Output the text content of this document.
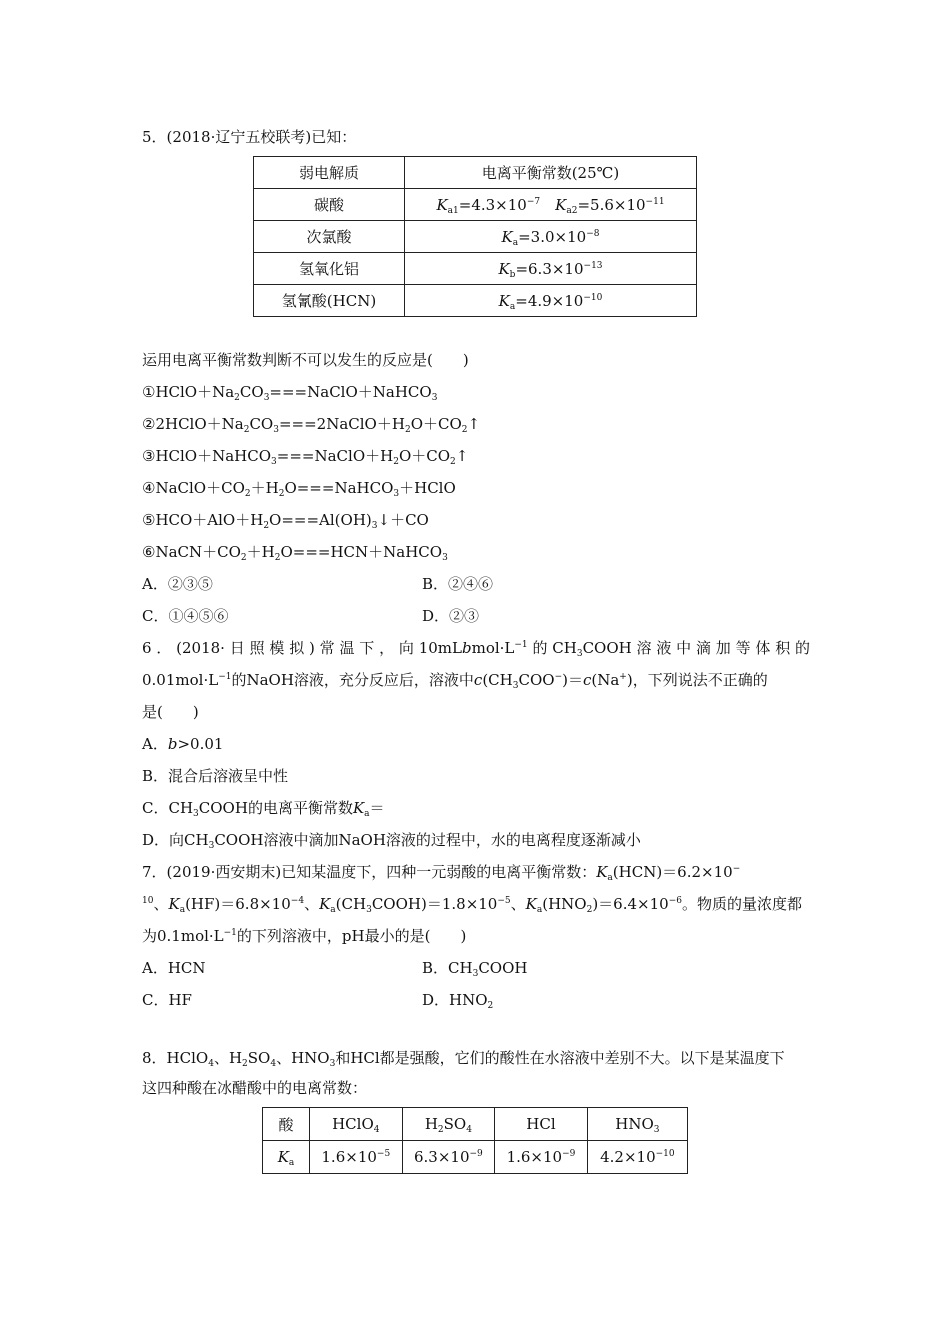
5．(2018·辽宁五校联考)已知：
弱电解质	电离平衡常数(25℃)
碳酸	$K_{a1}=4.3\times 10^{-7}$　 $K_{a2}=5.6\times 10^{-11}$
次氯酸	$K_a=3.0\times 10^{-8}$
氢氧化铝	$K_b=6.3\times 10^{-13}$
氢氰酸(HCN)	$K_a=4.9\times 10^{-10}$
运用电离平衡常数判断不可以发生的反应是(　　)
$①HClO+Na_2CO_3===NaClO+NaHCO_3$
$②2HClO+Na_2CO_3===2NaClO+H_2O+CO_2↑$
$③HClO+NaHCO_3===NaClO+H_2O+CO_2↑$
$④NaClO+CO_2+H_2O===NaHCO_3+HClO$
$⑤HCO+AlO+H_2O===Al(OH)_3↓+CO$
$⑥NaCN+CO_2+H_2O===HCN+NaHCO_3$
A．②③⑤	B．②④⑥
C．①④⑤⑥	D．②③
6．(2018·日照模拟)常温下，向$10mLbmol\cdot L^{-1}$的$CH_3COOH$溶液中滴加等体积的
$0.01mol\cdot L^{-1}$的NaOH溶液，充分反应后，溶液中$c(CH_3COO^-)=c(Na^+)$，下列说法不正确的
是(　　)
A．b>0.01
B．混合后溶液呈中性
C．$CH_3COOH$的电离平衡常数$K_a=$
D．向$CH_3COOH$溶液中滴加NaOH溶液的过程中，水的电离程度逐渐减小
7．(2019·西安期末)已知某温度下，四种一元弱酸的电离平衡常数：$K_a(HCN)=6.2\times 10^-$
$^{10}$、$K_a(HF)=6.8\times 10^{-4}$、$K_a(CH_3COOH)=1.8\times 10^{-5}$、$K_a(HNO_2)=6.4\times 10^{-6}$。物质的量浓度都
为$0.1mol\cdot L^{-1}$的下列溶液中，pH最小的是(　　)
A．HCN	B．$CH_3COOH$
C．HF	D．$HNO_2$
8．HClO$_4$、$H_2SO_4$、$HNO_3$和HCl都是强酸，它们的酸性在水溶液中差别不大。以下是某温度下
这四种酸在冰醋酸中的电离常数：
酸	HClO$_4$	$H_2SO_4$	HCl	$HNO_3$
$K_a$	$1.6\times 10^{-5}$	$6.3\times 10^{-9}$	$1.6\times 10^{-9}$	$4.2\times 10^{-10}$
